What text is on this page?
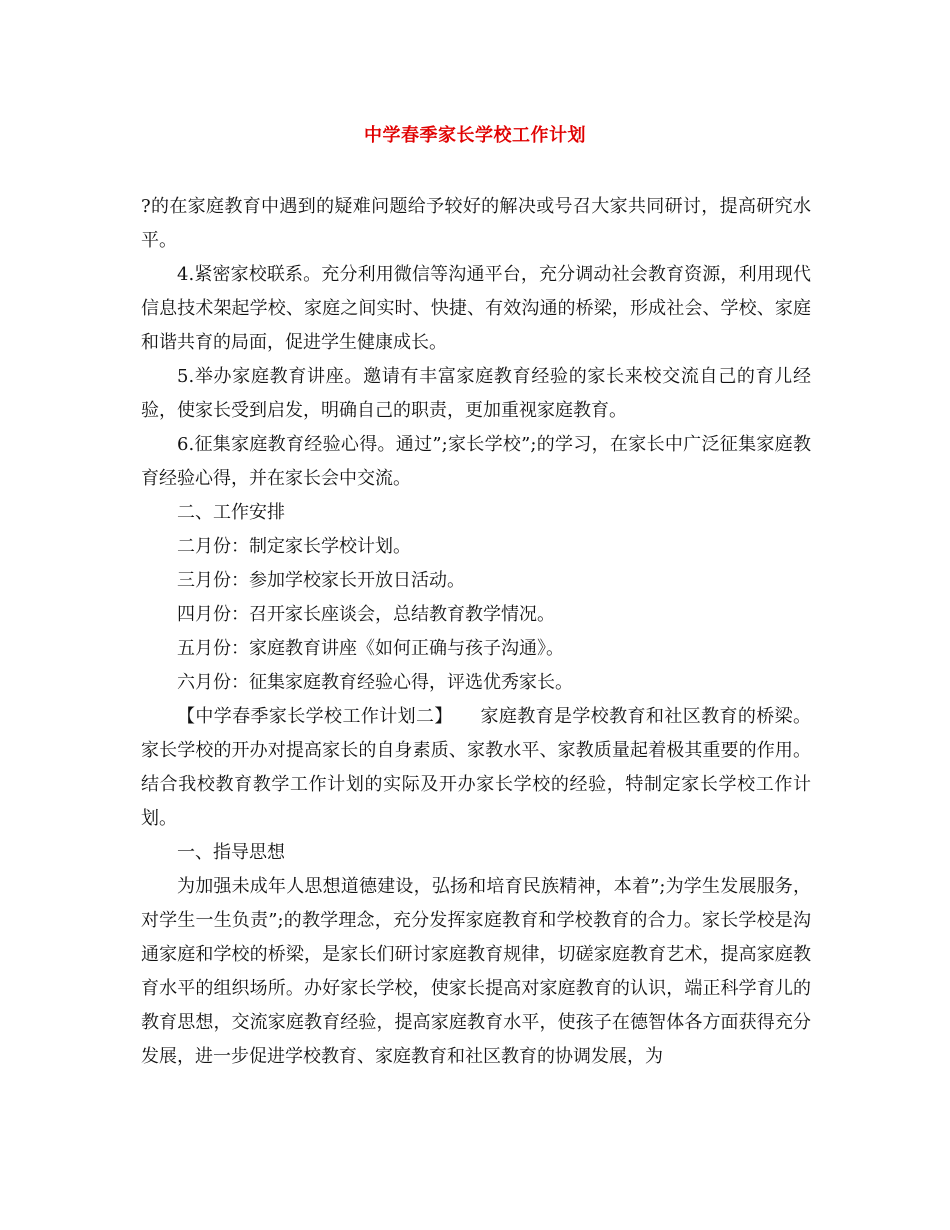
中学春季家长学校工作计划

?的在家庭教育中遇到的疑难问题给予较好的解决或号召大家共同研讨，提高研究水平。

4.紧密家校联系。充分利用微信等沟通平台，充分调动社会教育资源，利用现代信息技术架起学校、家庭之间实时、快捷、有效沟通的桥梁，形成社会、学校、家庭和谐共育的局面，促进学生健康成长。

5.举办家庭教育讲座。邀请有丰富家庭教育经验的家长来校交流自己的育儿经验，使家长受到启发，明确自己的职责，更加重视家庭教育。

6.征集家庭教育经验心得。通过”;家长学校”;的学习，在家长中广泛征集家庭教育经验心得，并在家长会中交流。

二、工作安排

二月份：制定家长学校计划。

三月份：参加学校家长开放日活动。

四月份：召开家长座谈会，总结教育教学情况。

五月份：家庭教育讲座《如何正确与孩子沟通》。

六月份：征集家庭教育经验心得，评选优秀家长。

【中学春季家长学校工作计划二】　　家庭教育是学校教育和社区教育的桥梁。家长学校的开办对提高家长的自身素质、家教水平、家教质量起着极其重要的作用。结合我校教育教学工作计划的实际及开办家长学校的经验，特制定家长学校工作计划。

一、指导思想

为加强未成年人思想道德建设，弘扬和培育民族精神，本着”;为学生发展服务，对学生一生负责”;的教学理念，充分发挥家庭教育和学校教育的合力。家长学校是沟通家庭和学校的桥梁，是家长们研讨家庭教育规律，切磋家庭教育艺术，提高家庭教育水平的组织场所。办好家长学校，使家长提高对家庭教育的认识，端正科学育儿的教育思想，交流家庭教育经验，提高家庭教育水平，使孩子在德智体各方面获得充分发展，进一步促进学校教育、家庭教育和社区教育的协调发展，为
